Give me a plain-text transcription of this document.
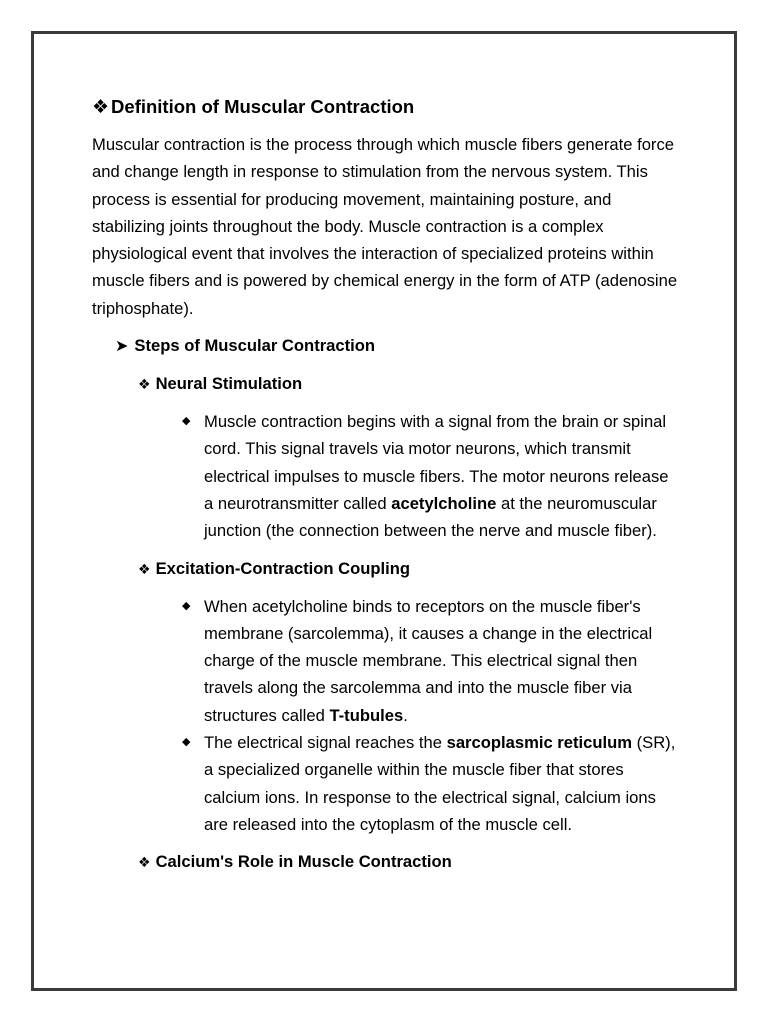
❖ Definition of Muscular Contraction

Muscular contraction is the process through which muscle fibers generate force and change length in response to stimulation from the nervous system. This process is essential for producing movement, maintaining posture, and stabilizing joints throughout the body. Muscle contraction is a complex physiological event that involves the interaction of specialized proteins within muscle fibers and is powered by chemical energy in the form of ATP (adenosine triphosphate).

➤ Steps of Muscular Contraction
❖ Neural Stimulation
◆ Muscle contraction begins with a signal from the brain or spinal cord. This signal travels via motor neurons, which transmit electrical impulses to muscle fibers. The motor neurons release a neurotransmitter called acetylcholine at the neuromuscular junction (the connection between the nerve and muscle fiber).
❖ Excitation-Contraction Coupling
◆ When acetylcholine binds to receptors on the muscle fiber's membrane (sarcolemma), it causes a change in the electrical charge of the muscle membrane. This electrical signal then travels along the sarcolemma and into the muscle fiber via structures called T-tubules.
◆ The electrical signal reaches the sarcoplasmic reticulum (SR), a specialized organelle within the muscle fiber that stores calcium ions. In response to the electrical signal, calcium ions are released into the cytoplasm of the muscle cell.
❖ Calcium's Role in Muscle Contraction
